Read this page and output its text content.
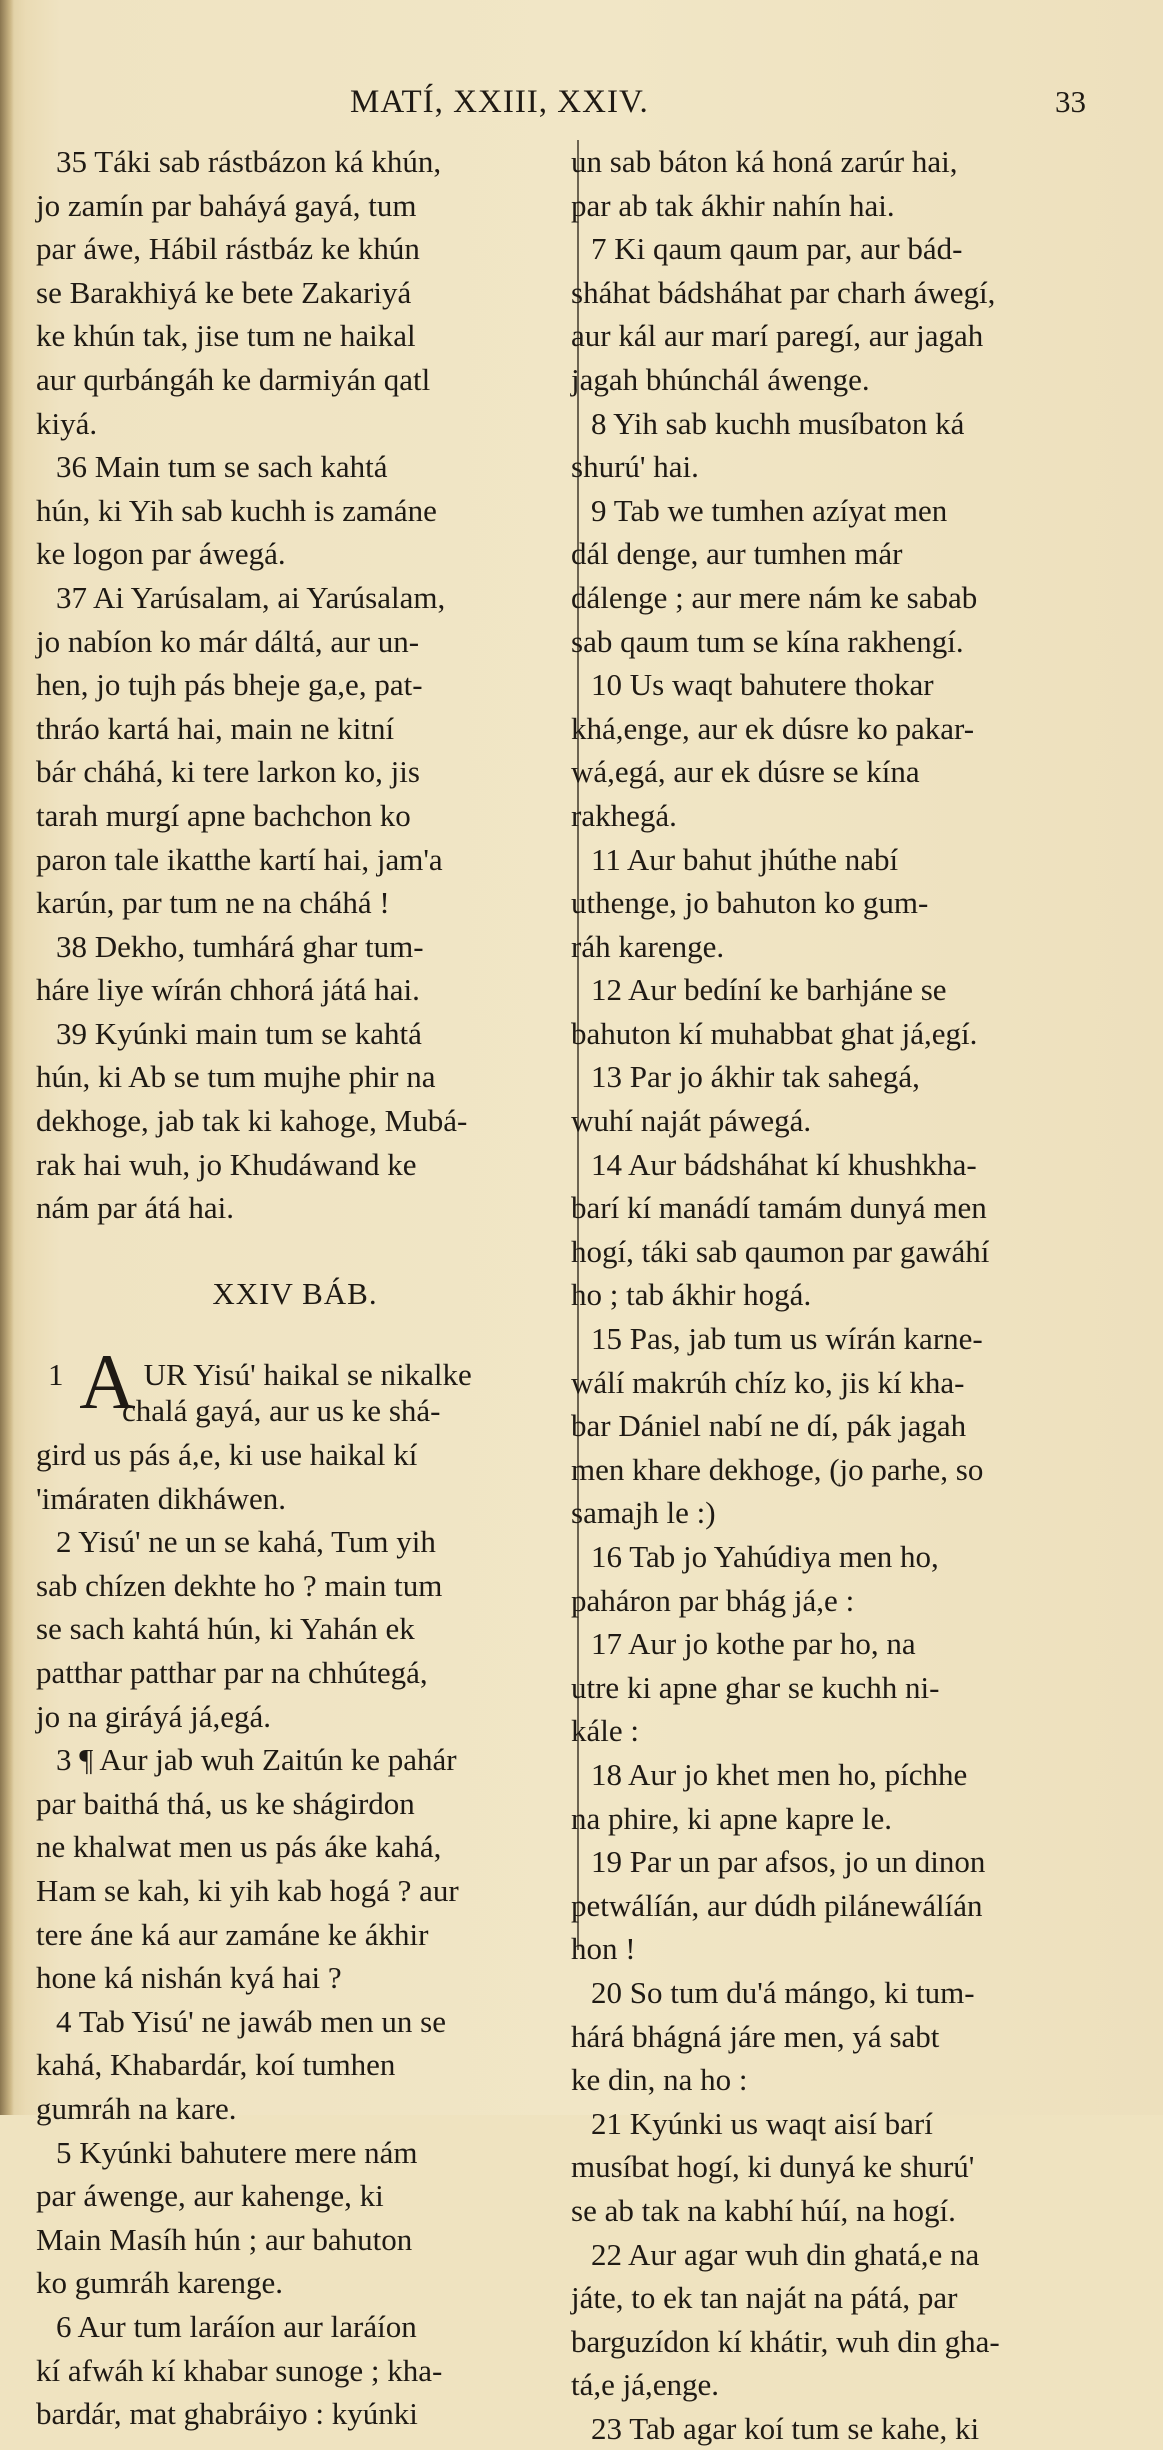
MATÍ, XXIII, XXIV.	33
35 Táki sab rástbázon ká khún,
jo zamín par baháyá gayá, tum
par áwe, Hábil rástbáz ke khún
se Barakhiyá ke bete Zakariyá
ke khún tak, jise tum ne haikal
aur qurbángáh ke darmiyán qatl
kiyá.
36 Main tum se sach kahtá
hún, ki Yih sab kuchh is zamáne
ke logon par áwegá.
37 Ai Yarúsalam, ai Yarúsalam,
jo nabíon ko már dáltá, aur un-
hen, jo tujh pás bheje ga,e, pat-
thráo kartá hai, main ne kitní
bár cháhá, ki tere larkon ko, jis
tarah murgí apne bachchon ko
paron tale ikatthe kartí hai, jam'a
karún, par tum ne na cháhá !
38 Dekho, tumhárá ghar tum-
háre liye wírán chhorá játá hai.
39 Kyúnki main tum se kahtá
hún, ki Ab se tum mujhe phir na
dekhoge, jab tak ki kahoge, Mubá-
rak hai wuh, jo Khudáwand ke
nám par átá hai.
XXIV BÁB.
1 A UR Yisú' haikal se nikalke
chalá gayá, aur us ke shá-
gird us pás á,e, ki use haikal kí
'imáraten dikháwen.
2 Yisú' ne un se kahá, Tum yih
sab chízen dekhte ho ? main tum
se sach kahtá hún, ki Yahán ek
patthar patthar par na chhútegá,
jo na giráyá já,egá.
3 ¶ Aur jab wuh Zaitún ke pahár
par baithá thá, us ke shágirdon
ne khalwat men us pás áke kahá,
Ham se kah, ki yih kab hogá ? aur
tere áne ká aur zamáne ke ákhir
hone ká nishán kyá hai ?
4 Tab Yisú' ne jawáb men un se
kahá, Khabardár, koí tumhen
gumráh na kare.
5 Kyúnki bahutere mere nám
par áwenge, aur kahenge, ki
Main Masíh hún ; aur bahuton
ko gumráh karenge.
6 Aur tum laráíon aur laráíon
kí afwáh kí khabar sunoge ; kha-
bardár, mat ghabráiyo : kyúnki
un sab báton ká honá zarúr hai,
par ab tak ákhir nahín hai.
7 Ki qaum qaum par, aur bád-
sháhat bádsháhat par charh áwegí,
aur kál aur marí paregí, aur jagah
jagah bhúnchál áwenge.
8 Yih sab kuchh musíbaton ká
shurú' hai.
9 Tab we tumhen azíyat men
dál denge, aur tumhen már
dálenge ; aur mere nám ke sabab
sab qaum tum se kína rakhengí.
10 Us waqt bahutere thokar
khá,enge, aur ek dúsre ko pakar-
wá,egá, aur ek dúsre se kína
rakhegá.
11 Aur bahut jhúthe nabí
uthenge, jo bahuton ko gum-
ráh karenge.
12 Aur bedíní ke barhjáne se
bahuton kí muhabbat ghat já,egí.
13 Par jo ákhir tak sahegá,
wuhí naját páwegá.
14 Aur bádsháhat kí khushkha-
barí kí manádí tamám dunyá men
hogí, táki sab qaumon par gawáhí
ho ; tab ákhir hogá.
15 Pas, jab tum us wírán karne-
wálí makrúh chíz ko, jis kí kha-
bar Dániel nabí ne dí, pák jagah
men khare dekhoge, (jo parhe, so
samajh le :)
16 Tab jo Yahúdiya men ho,
paháron par bhág já,e :
17 Aur jo kothe par ho, na
utre ki apne ghar se kuchh ni-
kále :
18 Aur jo khet men ho, píchhe
na phire, ki apne kapre le.
19 Par un par afsos, jo un dinon
petwálíán, aur dúdh pilánewálíán
hon !
20 So tum du'á mángo, ki tum-
hárá bhágná járe men, yá sabt
ke din, na ho :
21 Kyúnki us waqt aisí barí
musíbat hogí, ki dunyá ke shurú'
se ab tak na kabhí húí, na hogí.
22 Aur agar wuh din ghatá,e na
játe, to ek tan naját na pátá, par
barguzídon kí khátir, wuh din gha-
tá,e já,enge.
23 Tab agar koí tum se kahe, ki
